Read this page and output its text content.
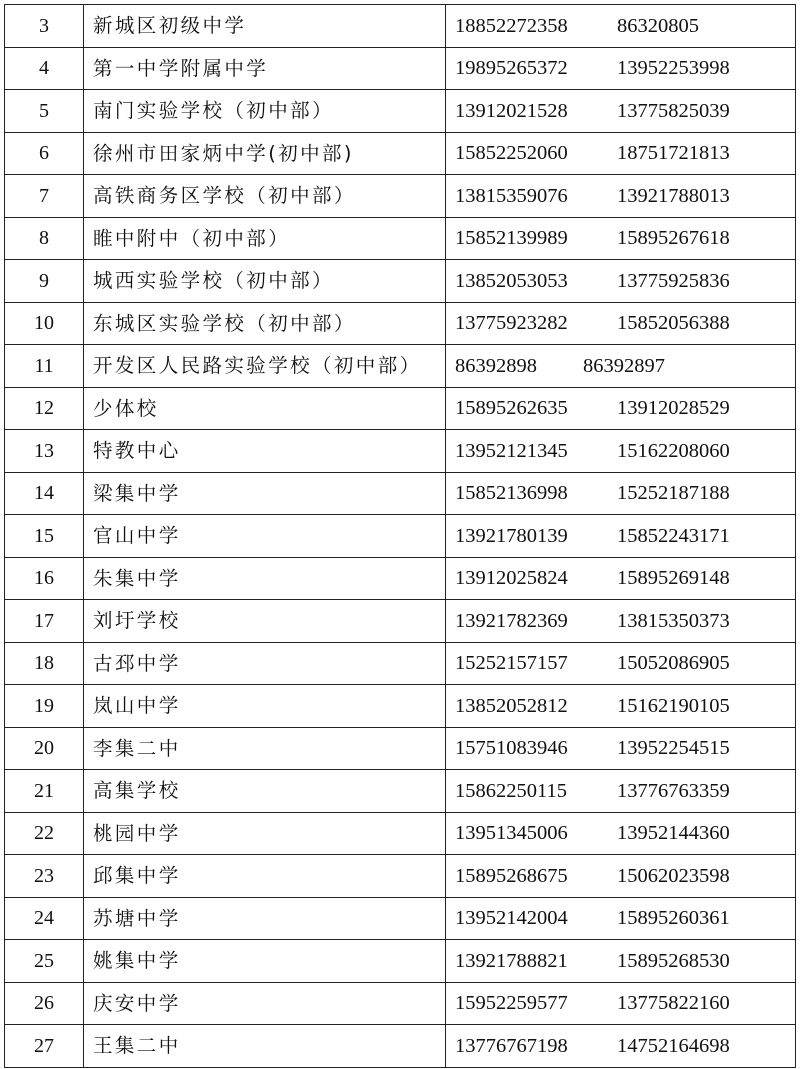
3	新城区初级中学	18852272358 86320805
4	第一中学附属中学	19895265372 13952253998
5	南门实验学校（初中部）	13912021528 13775825039
6	徐州市田家炳中学(初中部)	15852252060 18751721813
7	高铁商务区学校（初中部）	13815359076 13921788013
8	睢中附中（初中部）	15852139989 15895267618
9	城西实验学校（初中部）	13852053053 13775925836
10	东城区实验学校（初中部）	13775923282 15852056388
11	开发区人民路实验学校（初中部）	86392898 86392897
12	少体校	15895262635 13912028529
13	特教中心	13952121345 15162208060
14	梁集中学	15852136998 15252187188
15	官山中学	13921780139 15852243171
16	朱集中学	13912025824 15895269148
17	刘圩学校	13921782369 13815350373
18	古邳中学	15252157157 15052086905
19	岚山中学	13852052812 15162190105
20	李集二中	15751083946 13952254515
21	高集学校	15862250115 13776763359
22	桃园中学	13951345006 13952144360
23	邱集中学	15895268675 15062023598
24	苏塘中学	13952142004 15895260361
25	姚集中学	13921788821 15895268530
26	庆安中学	15952259577 13775822160
27	王集二中	13776767198 14752164698
